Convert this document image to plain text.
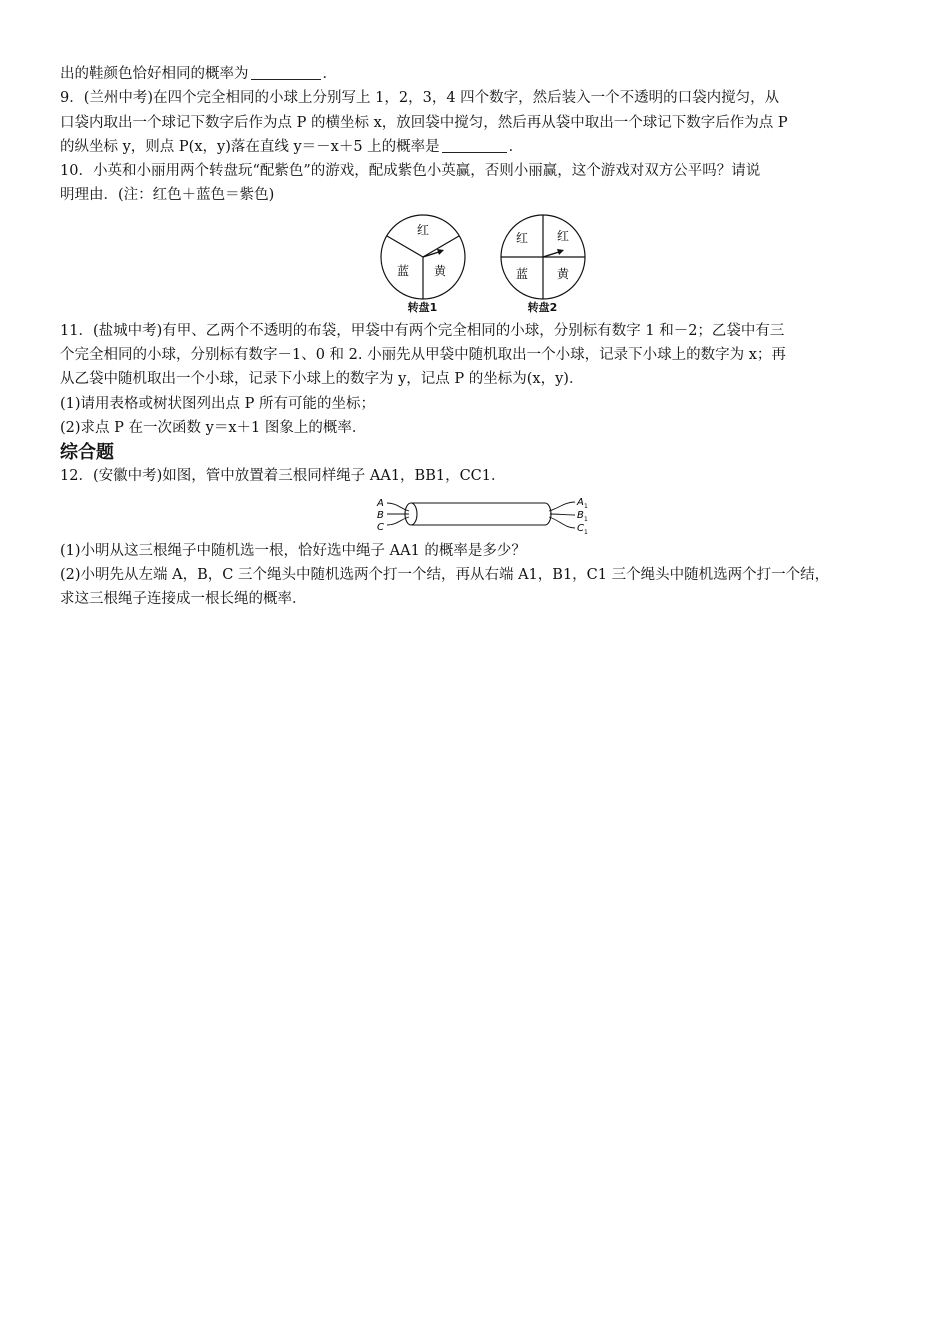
出的鞋颜色恰好相同的概率为	．
9．(兰州中考)在四个完全相同的小球上分别写上 1，2，3，4 四个数字，然后装入一个不透明的口袋内搅匀，从
口袋内取出一个球记下数字后作为点 P 的横坐标 x，放回袋中搅匀，然后再从袋中取出一个球记下数字后作为点 P
的纵坐标 y，则点 P(x，y)落在直线 y＝－x＋5 上的概率是	．
10．小英和小丽用两个转盘玩“配紫色”的游戏，配成紫色小英赢，否则小丽赢，这个游戏对双方公平吗？请说
明理由．(注：红色＋蓝色＝紫色)
红
蓝 黄
转盘1
红 红
蓝 黄
转盘2
11．(盐城中考)有甲、乙两个不透明的布袋，甲袋中有两个完全相同的小球，分别标有数字 1 和－2；乙袋中有三
个完全相同的小球，分别标有数字－1、0 和 2. 小丽先从甲袋中随机取出一个小球，记录下小球上的数字为 x；再
从乙袋中随机取出一个小球，记录下小球上的数字为 y，记点 P 的坐标为(x，y)．
(1)请用表格或树状图列出点 P 所有可能的坐标；
(2)求点 P 在一次函数 y＝x＋1 图象上的概率．
综合题
12．(安徽中考)如图，管中放置着三根同样绳子 AA1，BB1，CC1．
A
B
C
A 1
B 1
C 1
(1)小明从这三根绳子中随机选一根，恰好选中绳子 AA1 的概率是多少？
(2)小明先从左端 A，B，C 三个绳头中随机选两个打一个结，再从右端 A1，B1，C1 三个绳头中随机选两个打一个结，
求这三根绳子连接成一根长绳的概率．
